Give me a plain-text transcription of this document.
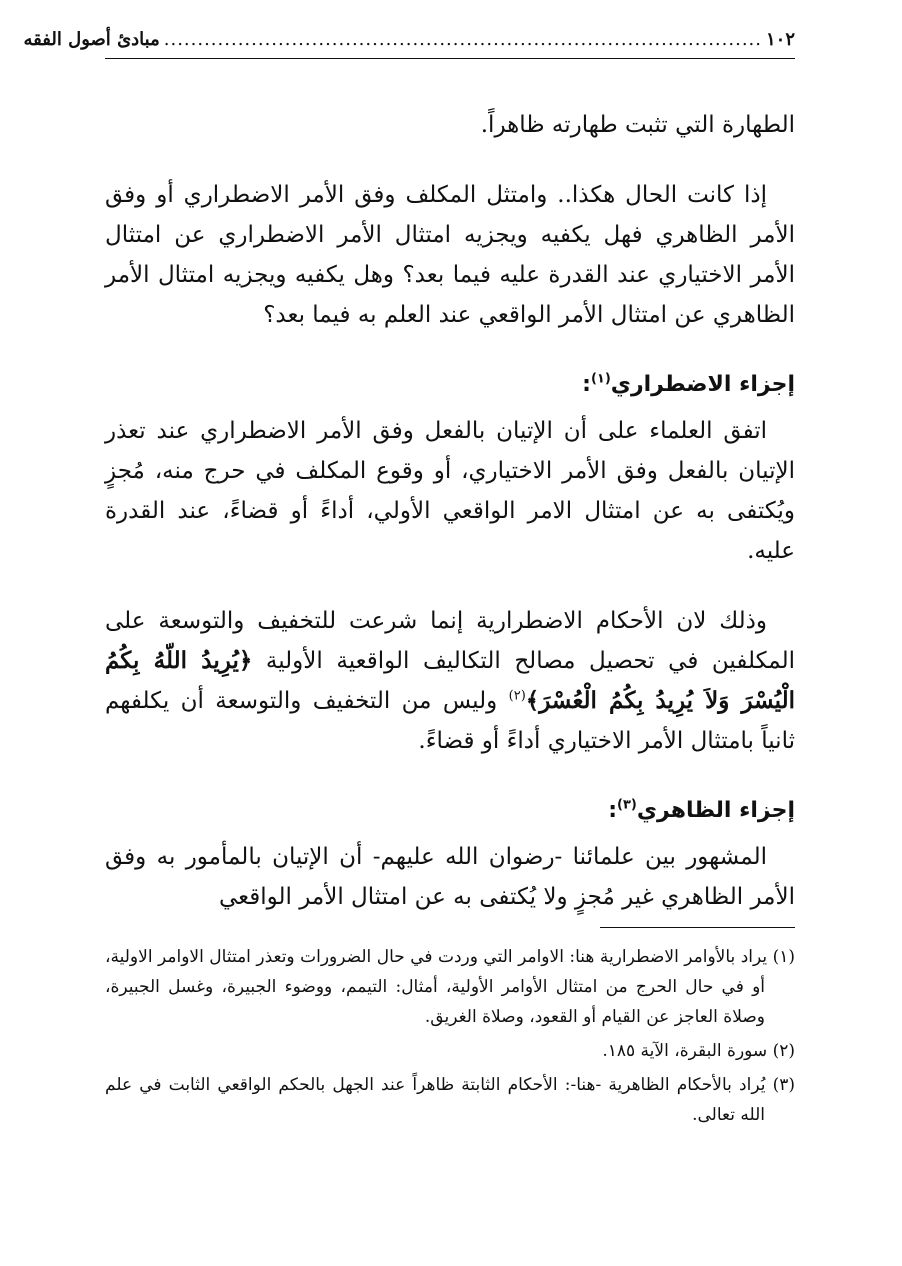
١٠٢
.........................................................................................
مبادئ أصول الفقه

الطهارة التي تثبت طهارته ظاهراً.

إذا كانت الحال هكذا.. وامتثل المكلف وفق الأمر الاضطراري أو وفق الأمر الظاهري فهل يكفيه ويجزيه امتثال الأمر الاضطراري عن امتثال الأمر الاختياري عند القدرة عليه فيما بعد؟ وهل يكفيه ويجزيه امتثال الأمر الظاهري عن امتثال الأمر الواقعي عند العلم به فيما بعد؟

إجزاء الاضطراري$^{(١)}$:

اتفق العلماء على أن الإتيان بالفعل وفق الأمر الاضطراري عند تعذر الإتيان بالفعل وفق الأمر الاختياري، أو وقوع المكلف في حرج منه، مُجزٍ ويُكتفى به عن امتثال الامر الواقعي الأولي، أداءً أو قضاءً، عند القدرة عليه.

وذلك لان الأحكام الاضطرارية إنما شرعت للتخفيف والتوسعة على المكلفين في تحصيل مصالح التكاليف الواقعية الأولية ﴿يُرِيدُ اللّهُ بِكُمُ الْيُسْرَ وَلاَ يُرِيدُ بِكُمُ الْعُسْرَ﴾$^{(٢)}$ وليس من التخفيف والتوسعة أن يكلفهم ثانياً بامتثال الأمر الاختياري أداءً أو قضاءً.

إجزاء الظاهري$^{(٣)}$:

المشهور بين علمائنا -رضوان الله عليهم- أن الإتيان بالمأمور به وفق الأمر الظاهري غير مُجزٍ ولا يُكتفى به عن امتثال الأمر الواقعي

(١) يراد بالأوامر الاضطرارية هنا: الاوامر التي وردت في حال الضرورات وتعذر امتثال الاوامر الاولية، أو في حال الحرج من امتثال الأوامر الأولية، أمثال: التيمم، ووضوء الجبيرة، وغسل الجبيرة، وصلاة العاجز عن القيام أو القعود، وصلاة الغريق.

(٢) سورة البقرة، الآية ١٨٥.

(٣) يُراد بالأحكام الظاهرية -هنا-: الأحكام الثابتة ظاهراً عند الجهل بالحكم الواقعي الثابت في علم الله تعالى.
